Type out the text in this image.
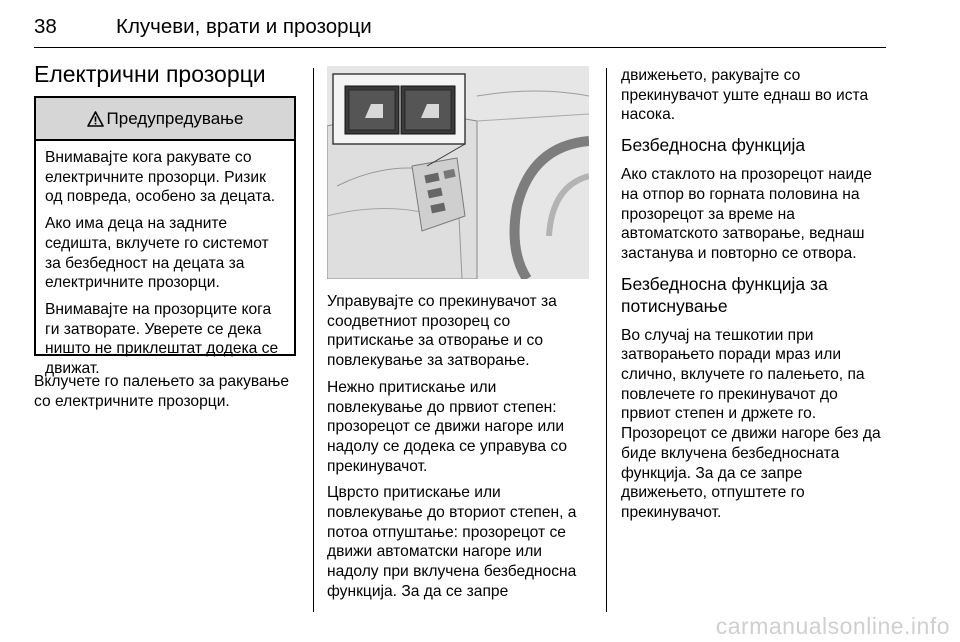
38	Клучеви, врати и прозорци
Електрични прозорци
Предупредување
Внимавајте кога ракувате со
електричните прозорци. Ризик
од повреда, особено за децата.
Ако има деца на задните
седишта, вклучете го системот
за безбедност на децата за
електричните прозорци.
Внимавајте на прозорците кога
ги затворате. Уверете се дека
ништо не приклештат додека се
движат.
Вклучете го палењето за ракување
со електричните прозорци.
Управувајте со прекинувачот за
соодветниот прозорец со
притискање за отворање и со
повлекување за затворање.
Нежно притискање или
повлекување до првиот степен:
прозорецот се движи нагоре или
надолу се додека се управува со
прекинувачот.
Цврсто притискање или
повлекување до вториот степен, а
потоа отпуштање: прозорецот се
движи автоматски нагоре или
надолу при вклучена безбедносна
функција. За да се запре
движењето, ракувајте со
прекинувачот уште еднаш во иста
насока.
Безбедносна функција
Ако стаклото на прозорецот наиде
на отпор во горната половина на
прозорецот за време на
автоматското затворање, веднаш
застанува и повторно се отвора.
Безбедносна функција за
потиснување
Во случај на тешкотии при
затворањето поради мраз или
слично, вклучете го палењето, па
повлечете го прекинувачот до
првиот степен и држете го.
Прозорецот се движи нагоре без да
биде вклучена безбедносната
функција. За да се запре
движењето, отпуштете го
прекинувачот.
carmanualsonline.info
